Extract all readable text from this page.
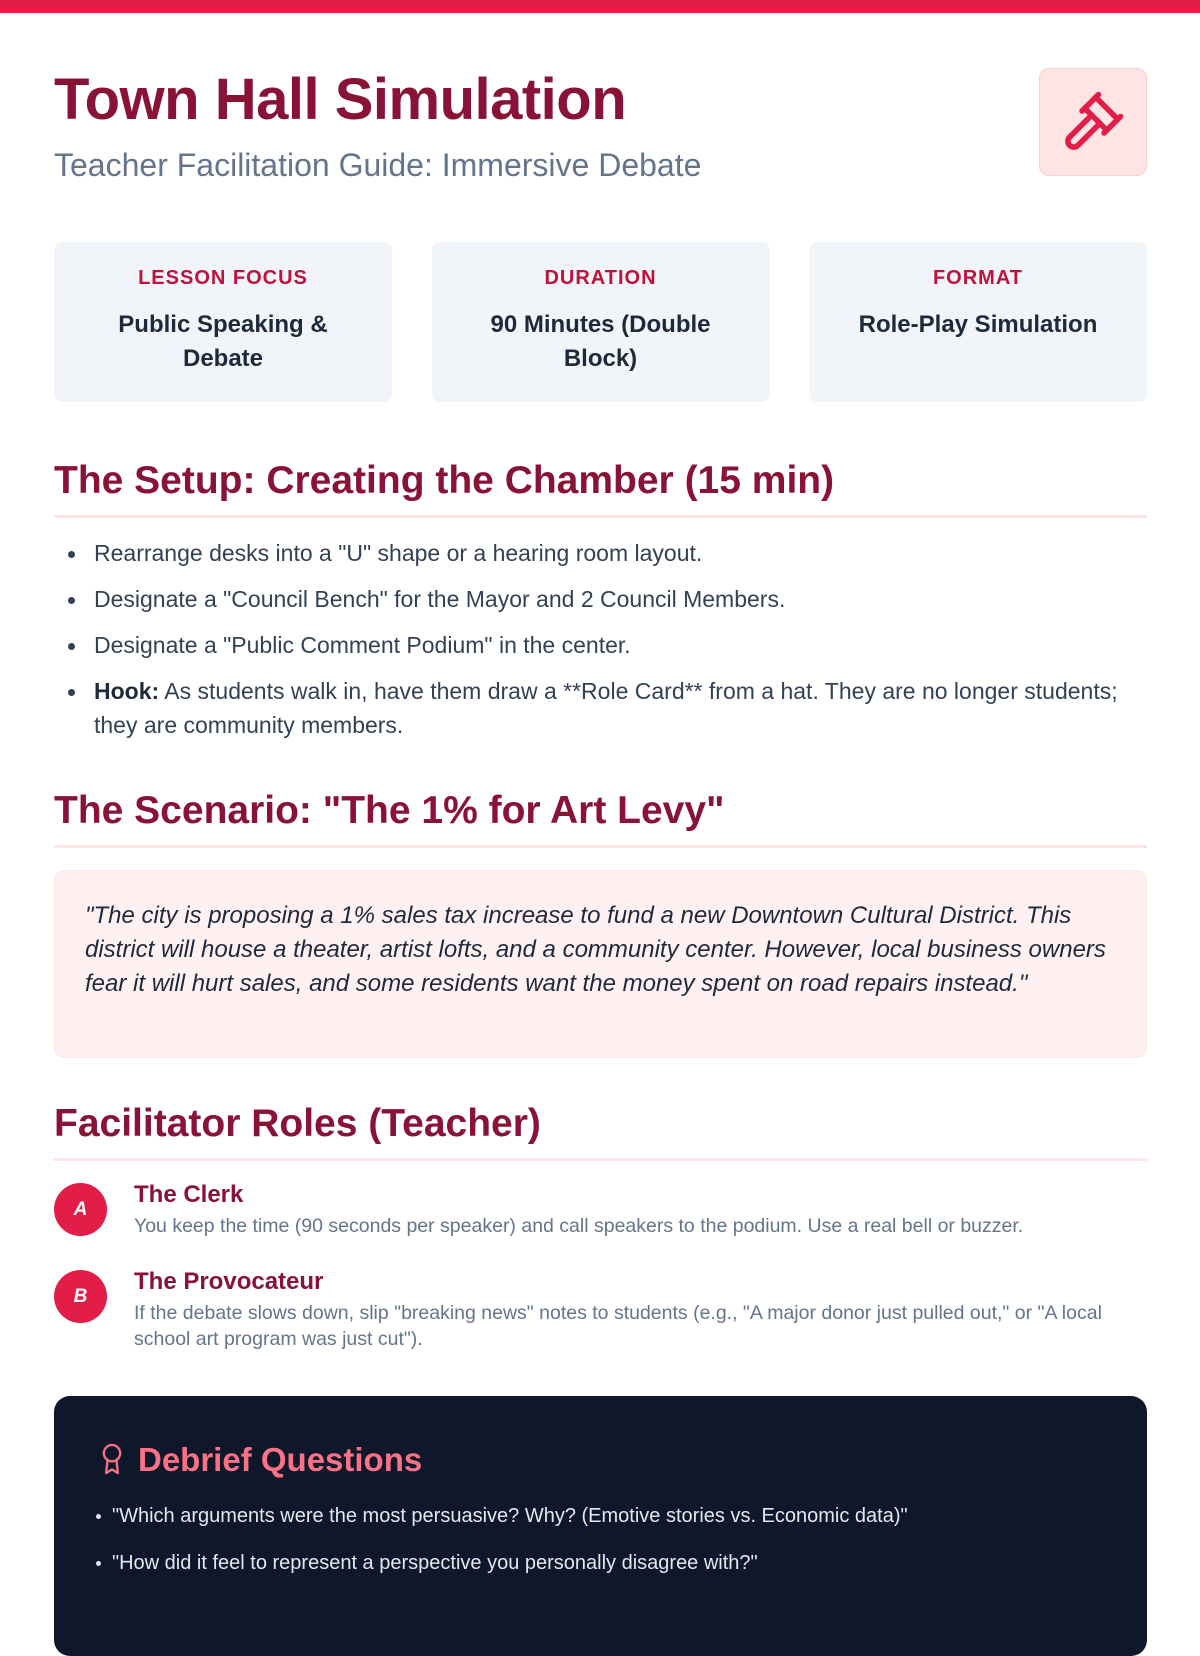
Town Hall Simulation

Teacher Facilitation Guide: Immersive Debate

LESSON FOCUS
Public Speaking & Debate
DURATION
90 Minutes (Double Block)
FORMAT
Role-Play Simulation
The Setup: Creating the Chamber (15 min)
Rearrange desks into a "U" shape or a hearing room layout.
Designate a "Council Bench" for the Mayor and 2 Council Members.
Designate a "Public Comment Podium" in the center.
Hook: As students walk in, have them draw a **Role Card** from a hat. They are no longer students; they are community members.
The Scenario: "The 1% for Art Levy"

"The city is proposing a 1% sales tax increase to fund a new Downtown Cultural District. This district will house a theater, artist lofts, and a community center. However, local business owners fear it will hurt sales, and some residents want the money spent on road repairs instead."

Facilitator Roles (Teacher)
A
The Clerk
You keep the time (90 seconds per speaker) and call speakers to the podium. Use a real bell or buzzer.
B
The Provocateur
If the debate slows down, slip "breaking news" notes to students (e.g., "A major donor just pulled out," or "A local school art program was just cut").
Debrief Questions
"Which arguments were the most persuasive? Why? (Emotive stories vs. Economic data)"
"How did it feel to represent a perspective you personally disagree with?"
